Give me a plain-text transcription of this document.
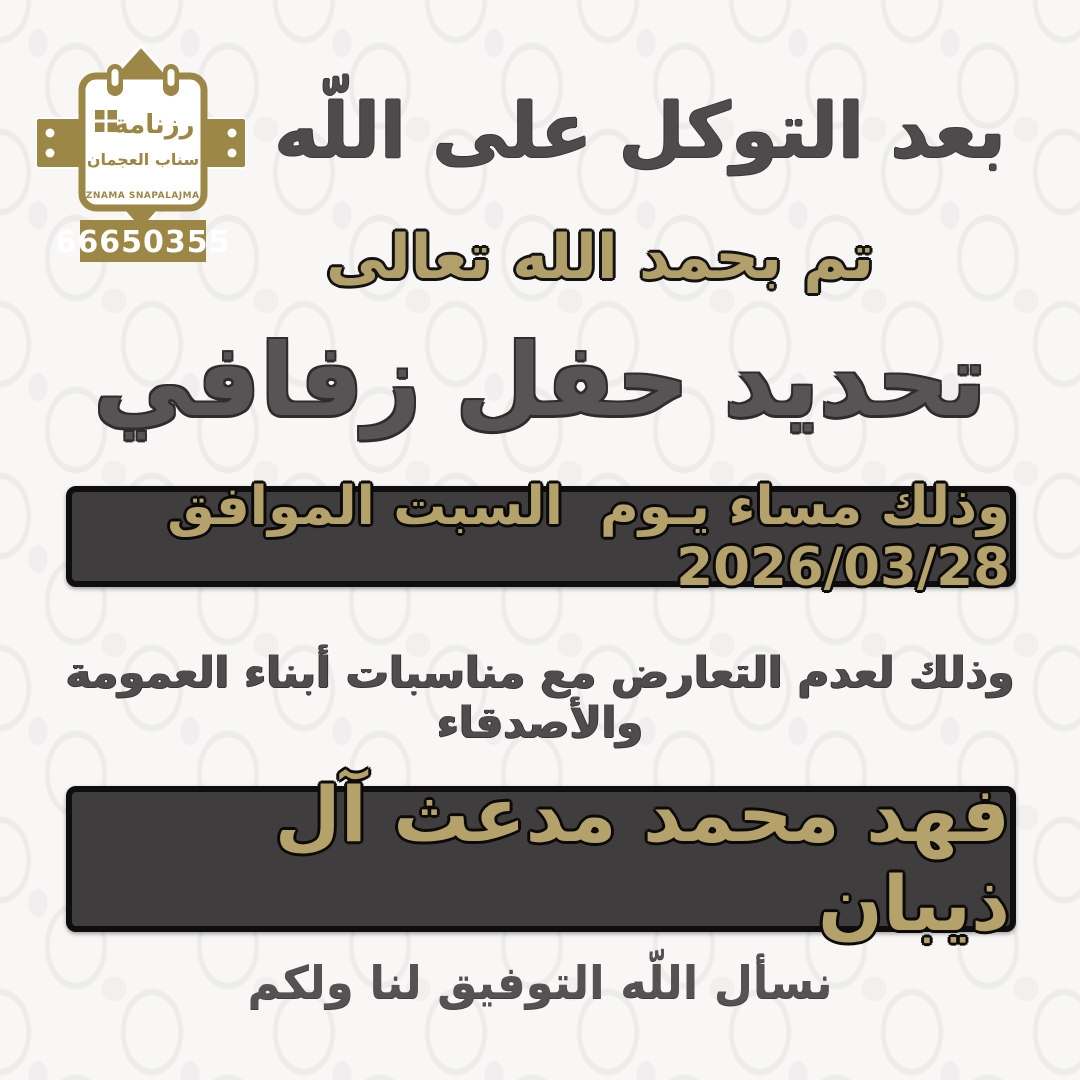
رزنامة
سناب العجمان
RZNAMA SNAPALAJMAN
66650355
بعد التوكل على اللّه
تم بحمد الله تعالى
تحديد حفل زفافي
وذلك مساء يـوم  السبت الموافق 2026/03/28
وذلك لعدم التعارض مع مناسبات أبناء العمومة والأصدقاء
فهد محمد مدعث آل ذيبان
نسأل اللّه التوفيق لنا ولكم
